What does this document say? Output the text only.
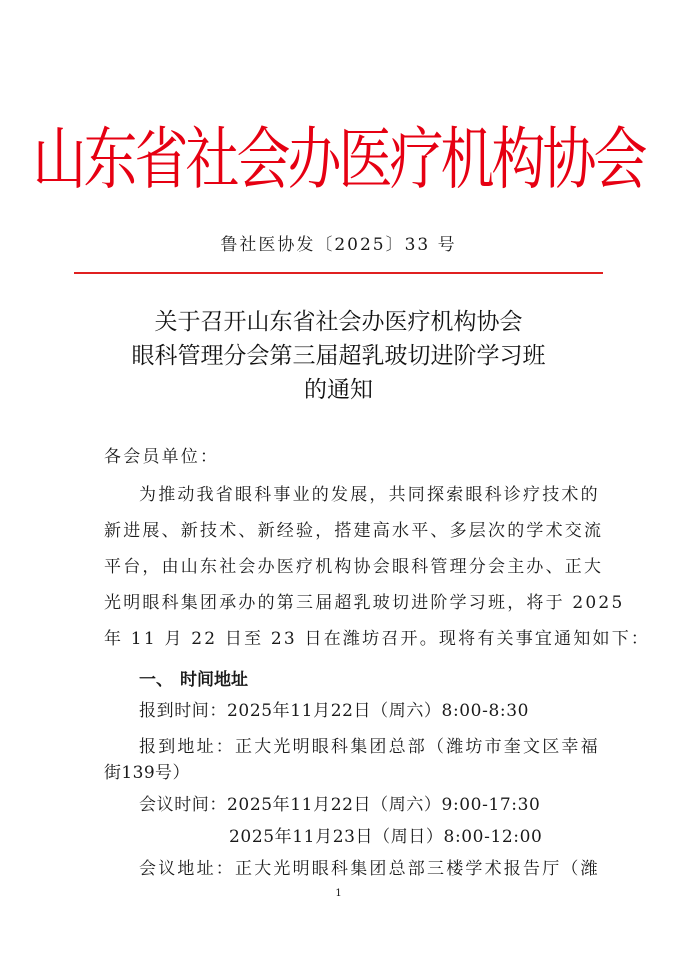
山东省社会办医疗机构协会
鲁社医协发〔2025〕33 号
关于召开山东省社会办医疗机构协会
眼科管理分会第三届超乳玻切进阶学习班
的通知
各会员单位：
为推动我省眼科事业的发展，共同探索眼科诊疗技术的
新进展、新技术、新经验，搭建高水平、多层次的学术交流
平台，由山东社会办医疗机构协会眼科管理分会主办、正大
光明眼科集团承办的第三届超乳玻切进阶学习班，将于 2025
年 11 月 22 日至 23 日在潍坊召开。现将有关事宜通知如下：
一、 时间地址
报到时间：2025年11月22日（周六）8:00-8:30
报到地址：正大光明眼科集团总部（潍坊市奎文区幸福
街139号）
会议时间：2025年11月22日（周六）9:00-17:30
2025年11月23日（周日）8:00-12:00
会议地址：正大光明眼科集团总部三楼学术报告厅（潍
1
